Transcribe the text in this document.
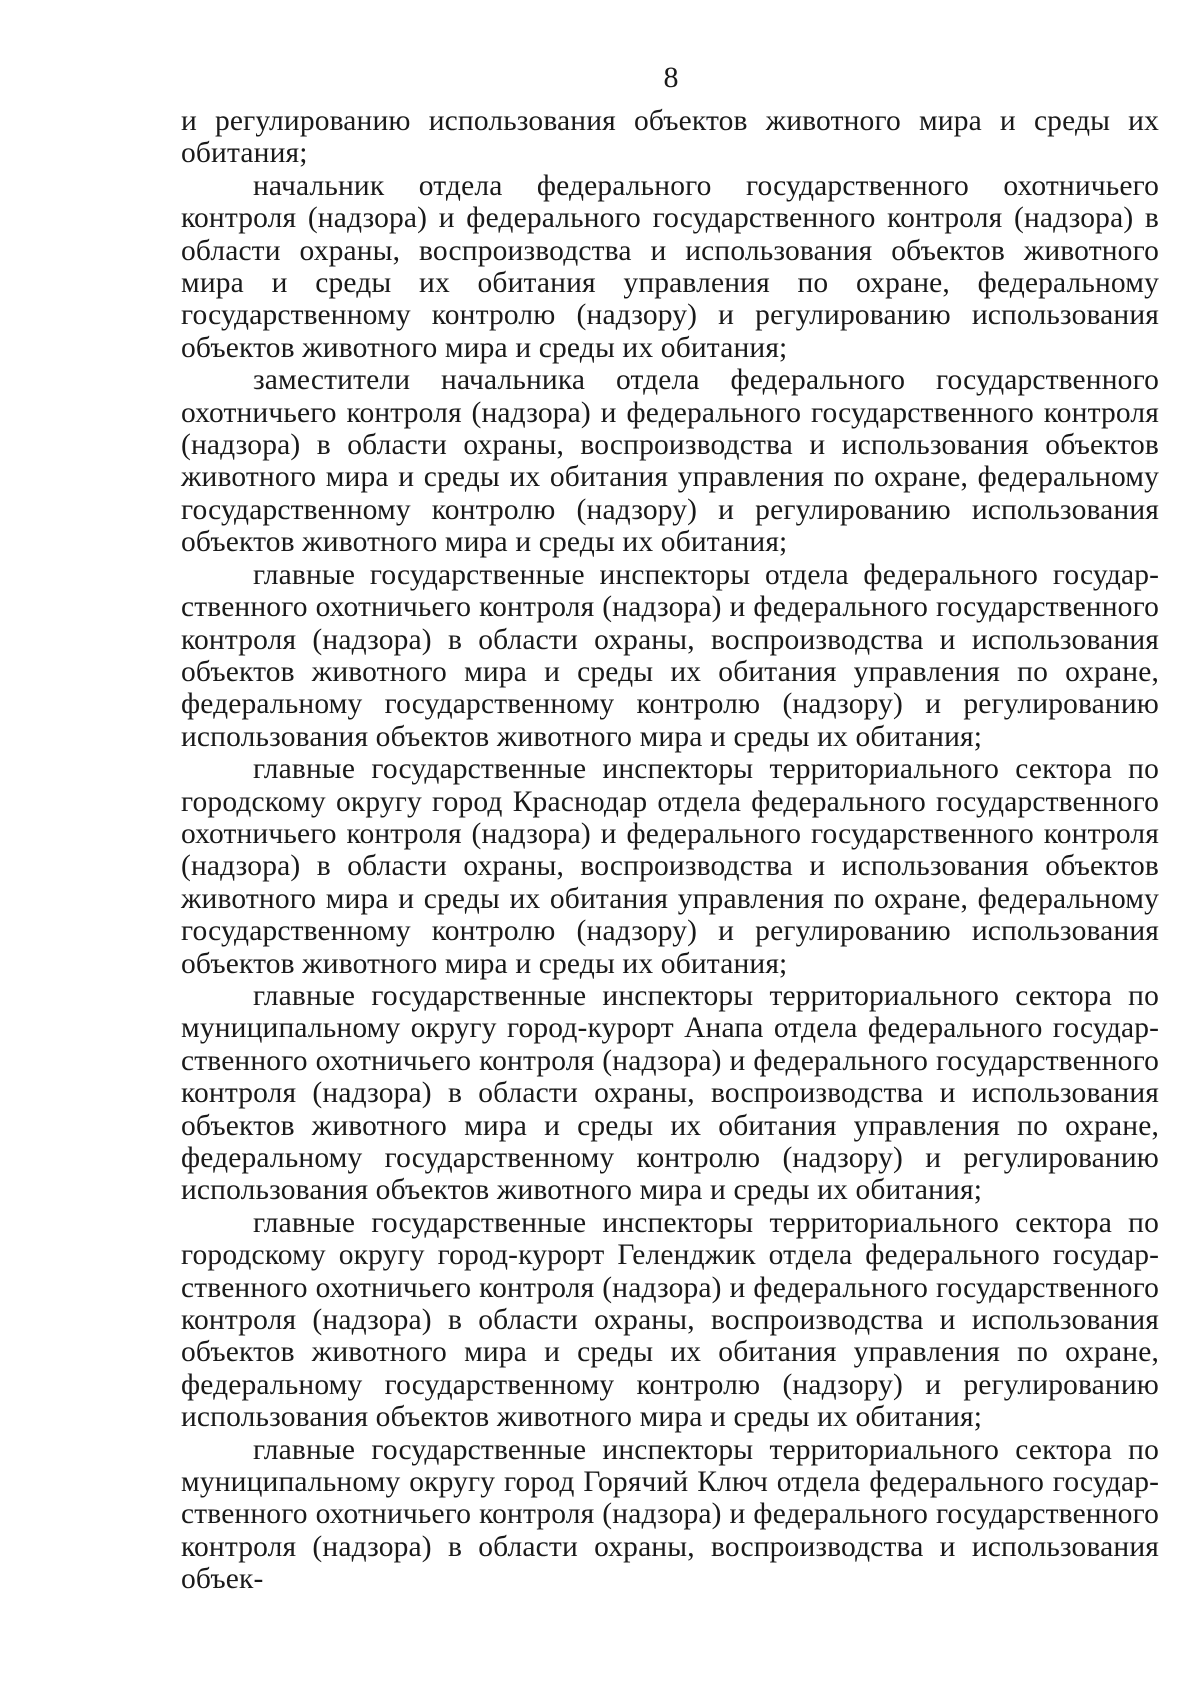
8

и регулированию использования объектов животного мира и среды их обитания;

начальник отдела федерального государственного охотничьего контроля (надзора) и федерального государственного контроля (надзора) в области охраны, воспроизводства и использования объектов животного мира и среды их обитания управления по охране, федеральному государственному контролю (надзору) и регулированию использования объектов животного мира и среды их обитания;

заместители начальника отдела федерального государственного охотничьего контроля (надзора) и федерального государственного контроля (надзора) в области охраны, воспроизводства и использования объектов животного мира и среды их обитания управления по охране, федеральному государственному контролю (надзору) и регулированию использования объектов животного мира и среды их обитания;

главные государственные инспекторы отдела федерального государственного охотничьего контроля (надзора) и федерального государственного контроля (надзора) в области охраны, воспроизводства и использования объектов животного мира и среды их обитания управления по охране, федеральному государственному контролю (надзору) и регулированию использования объектов животного мира и среды их обитания;

главные государственные инспекторы территориального сектора по городскому округу город Краснодар отдела федерального государственного охотничьего контроля (надзора) и федерального государственного контроля (надзора) в области охраны, воспроизводства и использования объектов животного мира и среды их обитания управления по охране, федеральному государственному контролю (надзору) и регулированию использования объектов животного мира и среды их обитания;

главные государственные инспекторы территориального сектора по муниципальному округу город-курорт Анапа отдела федерального государственного охотничьего контроля (надзора) и федерального государственного контроля (надзора) в области охраны, воспроизводства и использования объектов животного мира и среды их обитания управления по охране, федеральному государственному контролю (надзору) и регулированию использования объектов животного мира и среды их обитания;

главные государственные инспекторы территориального сектора по городскому округу город-курорт Геленджик отдела федерального государственного охотничьего контроля (надзора) и федерального государственного контроля (надзора) в области охраны, воспроизводства и использования объектов животного мира и среды их обитания управления по охране, федеральному государственному контролю (надзору) и регулированию использования объектов животного мира и среды их обитания;

главные государственные инспекторы территориального сектора по муниципальному округу город Горячий Ключ отдела федерального государственного охотничьего контроля (надзора) и федерального государственного контроля (надзора) в области охраны, воспроизводства и использования объек-
